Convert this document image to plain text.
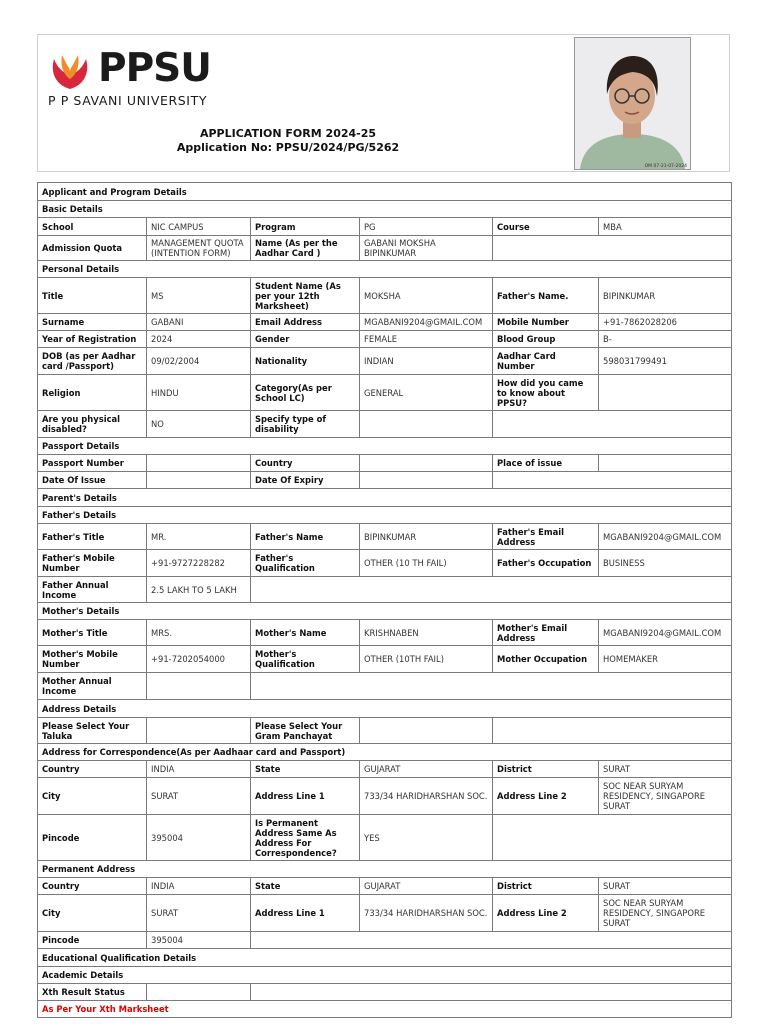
PPSU
P P SAVANI UNIVERSITY
APPLICATION FORM 2024-25
Application No: PPSU/2024/PG/5262
OM 07-21-07-2024
Applicant and Program Details					
Basic Details					
School	NIC CAMPUS	Program	PG	Course	MBA
Admission Quota	MANAGEMENT QUOTA (INTENTION FORM)	Name (As per the Aadhar Card )	GABANI MOKSHA BIPINKUMAR		
Personal Details					
Title	MS	Student Name (As per your 12th Marksheet)	MOKSHA	Father's Name.	BIPINKUMAR
Surname	GABANI	Email Address	MGABANI9204@GMAIL.COM	Mobile Number	+91-7862028206
Year of Registration	2024	Gender	FEMALE	Blood Group	B-
DOB (as per Aadhar card /Passport)	09/02/2004	Nationality	INDIAN	Aadhar Card Number	598031799491
Religion	HINDU	Category(As per School LC)	GENERAL	How did you came to know about PPSU?	
Are you physical disabled?	NO	Specify type of disability			
Passport Details					
Passport Number		Country		Place of issue	
Date Of Issue		Date Of Expiry			
Parent's Details					
Father's Details					
Father's Title	MR.	Father's Name	BIPINKUMAR	Father's Email Address	MGABANI9204@GMAIL.COM
Father's Mobile Number	+91-9727228282	Father's Qualification	OTHER (10 TH FAIL)	Father's Occupation	BUSINESS
Father Annual Income	2.5 LAKH TO 5 LAKH				
Mother's Details					
Mother's Title	MRS.	Mother's Name	KRISHNABEN	Mother's Email Address	MGABANI9204@GMAIL.COM
Mother's Mobile Number	+91-7202054000	Mother's Qualification	OTHER (10TH FAIL)	Mother Occupation	HOMEMAKER
Mother Annual Income					
Address Details					
Please Select Your Taluka		Please Select Your Gram Panchayat			
Address for Correspondence(As per Aadhaar card and Passport)					
Country	INDIA	State	GUJARAT	District	SURAT
City	SURAT	Address Line 1	733/34 HARIDHARSHAN SOC.	Address Line 2	SOC NEAR SURYAM RESIDENCY, SINGAPORE SURAT
Pincode	395004	Is Permanent Address Same As Address For Correspondence?	YES		
Permanent Address					
Country	INDIA	State	GUJARAT	District	SURAT
City	SURAT	Address Line 1	733/34 HARIDHARSHAN SOC.	Address Line 2	SOC NEAR SURYAM RESIDENCY, SINGAPORE SURAT
Pincode	395004				
Educational Qualification Details					
Academic Details					
Xth Result Status					
As Per Your Xth Marksheet					
